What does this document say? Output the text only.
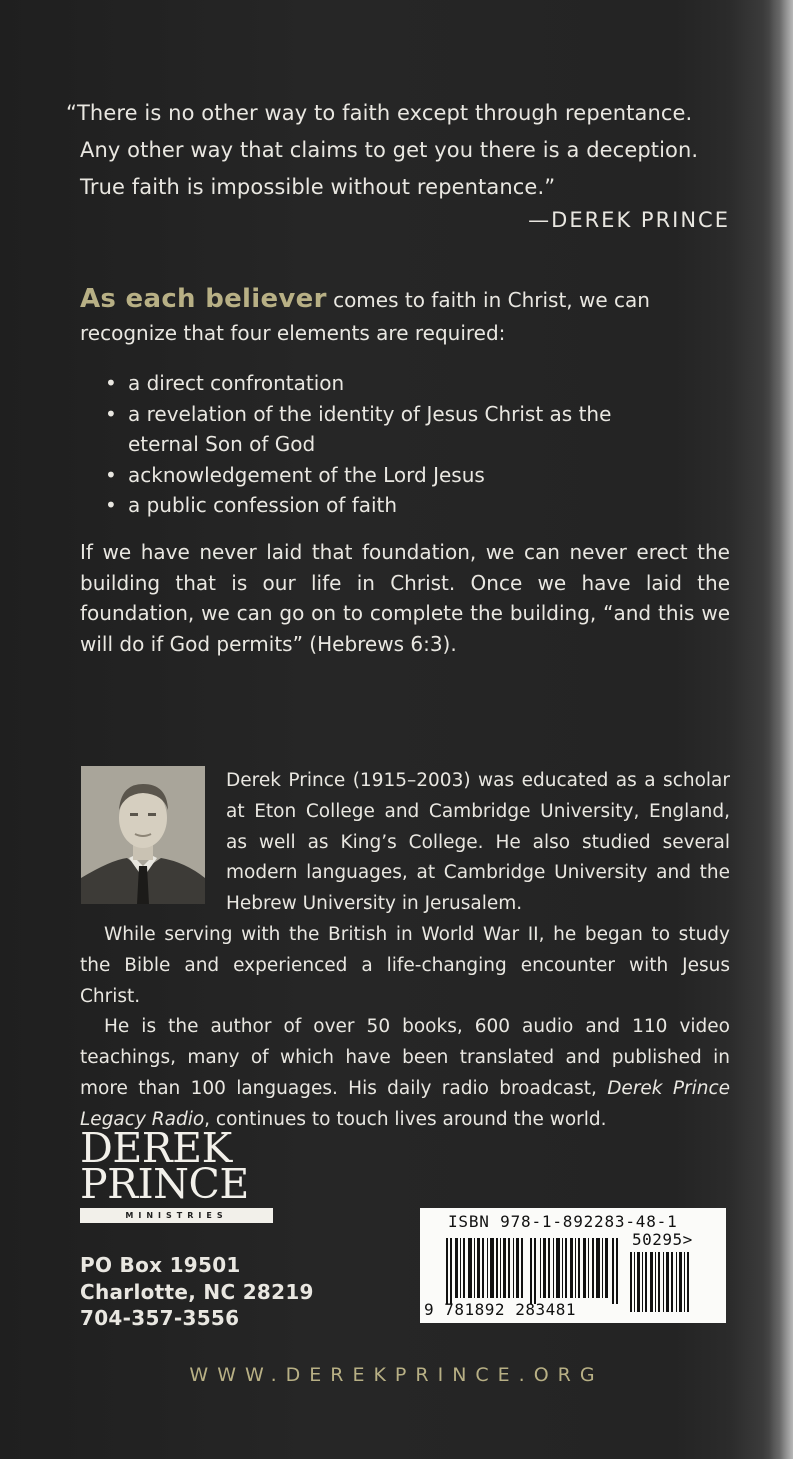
“There is no other way to faith except through repentance.
Any other way that claims to get you there is a deception.
True faith is impossible without repentance.”
—DEREK PRINCE
As each believer comes to faith in Christ, we can recognize that four elements are required:
• a direct confrontation
• a revelation of the identity of Jesus Christ as the eternal Son of God
• acknowledgement of the Lord Jesus
• a public confession of faith
If we have never laid that foundation, we can never erect the building that is our life in Christ. Once we have laid the foundation, we can go on to complete the building, “and this we will do if God permits” (Hebrews 6:3).

Derek Prince (1915–2003) was educated as a scholar at Eton College and Cambridge University, England, as well as King’s College. He also studied several modern languages, at Cambridge University and the Hebrew University in Jerusalem.

While serving with the British in World War II, he began to study the Bible and experienced a life-changing encounter with Jesus Christ.

He is the author of over 50 books, 600 audio and 110 video teachings, many of which have been translated and published in more than 100 languages. His daily radio broadcast, Derek Prince Legacy Radio, continues to touch lives around the world.

DEREK
PRINCE
MINISTRIES
PO Box 19501
Charlotte, NC 28219
704-357-3556
ISBN 978-1-892283-48-1
9 781892 283481
50295>
WWW.DEREKPRINCE.ORG
